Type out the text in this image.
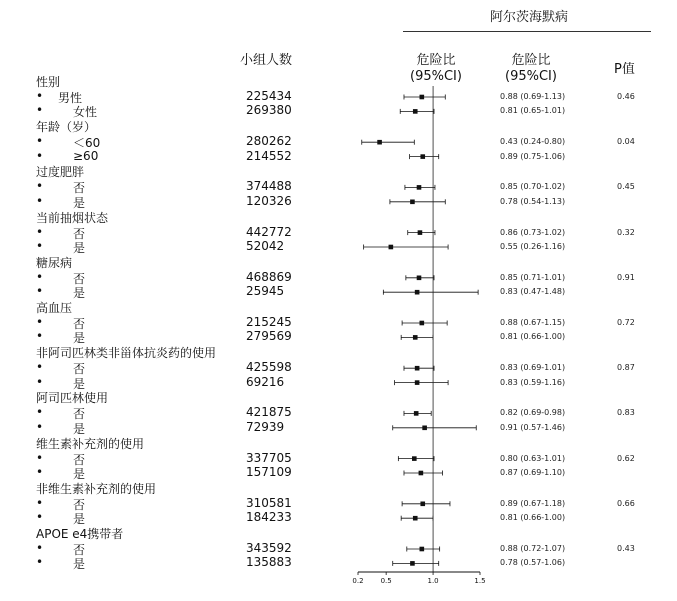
阿尔茨海默病
小组人数	危险比
(95%CI)
危险比
(95%CI)	P值
性别
• 男性	225434	0.88 (0.69-1.13)	0.46
• 女性	269380	0.81 (0.65-1.01)
年龄（岁）
• ＜60	280262	0.43 (0.24-0.80)	0.04
• ≥60	214552	0.89 (0.75-1.06)
过度肥胖
• 否	374488	0.85 (0.70-1.02)	0.45
• 是	120326	0.78 (0.54-1.13)
当前抽烟状态
• 否	442772	0.86 (0.73-1.02)	0.32
• 是	52042	0.55 (0.26-1.16)
糖尿病
• 否	468869	0.85 (0.71-1.01)	0.91
• 是	25945	0.83 (0.47-1.48)
高血压
• 否	215245	0.88 (0.67-1.15)	0.72
• 是	279569	0.81 (0.66-1.00)
非阿司匹林类非甾体抗炎药的使用
• 否	425598	0.83 (0.69-1.01)	0.87
• 是	69216	0.83 (0.59-1.16)
阿司匹林使用
• 否	421875	0.82 (0.69-0.98)	0.83
• 是	72939	0.91 (0.57-1.46)
维生素补充剂的使用
• 否	337705	0.80 (0.63-1.01)	0.62
• 是	157109	0.87 (0.69-1.10)
非维生素补充剂的使用
• 否	310581	0.89 (0.67-1.18)	0.66
• 是	184233	0.81 (0.66-1.00)
APOE e4携带者
• 否	343592	0.88 (0.72-1.07)	0.43
• 是	135883	0.78 (0.57-1.06)
0.2 0.5	1.0	1.5
